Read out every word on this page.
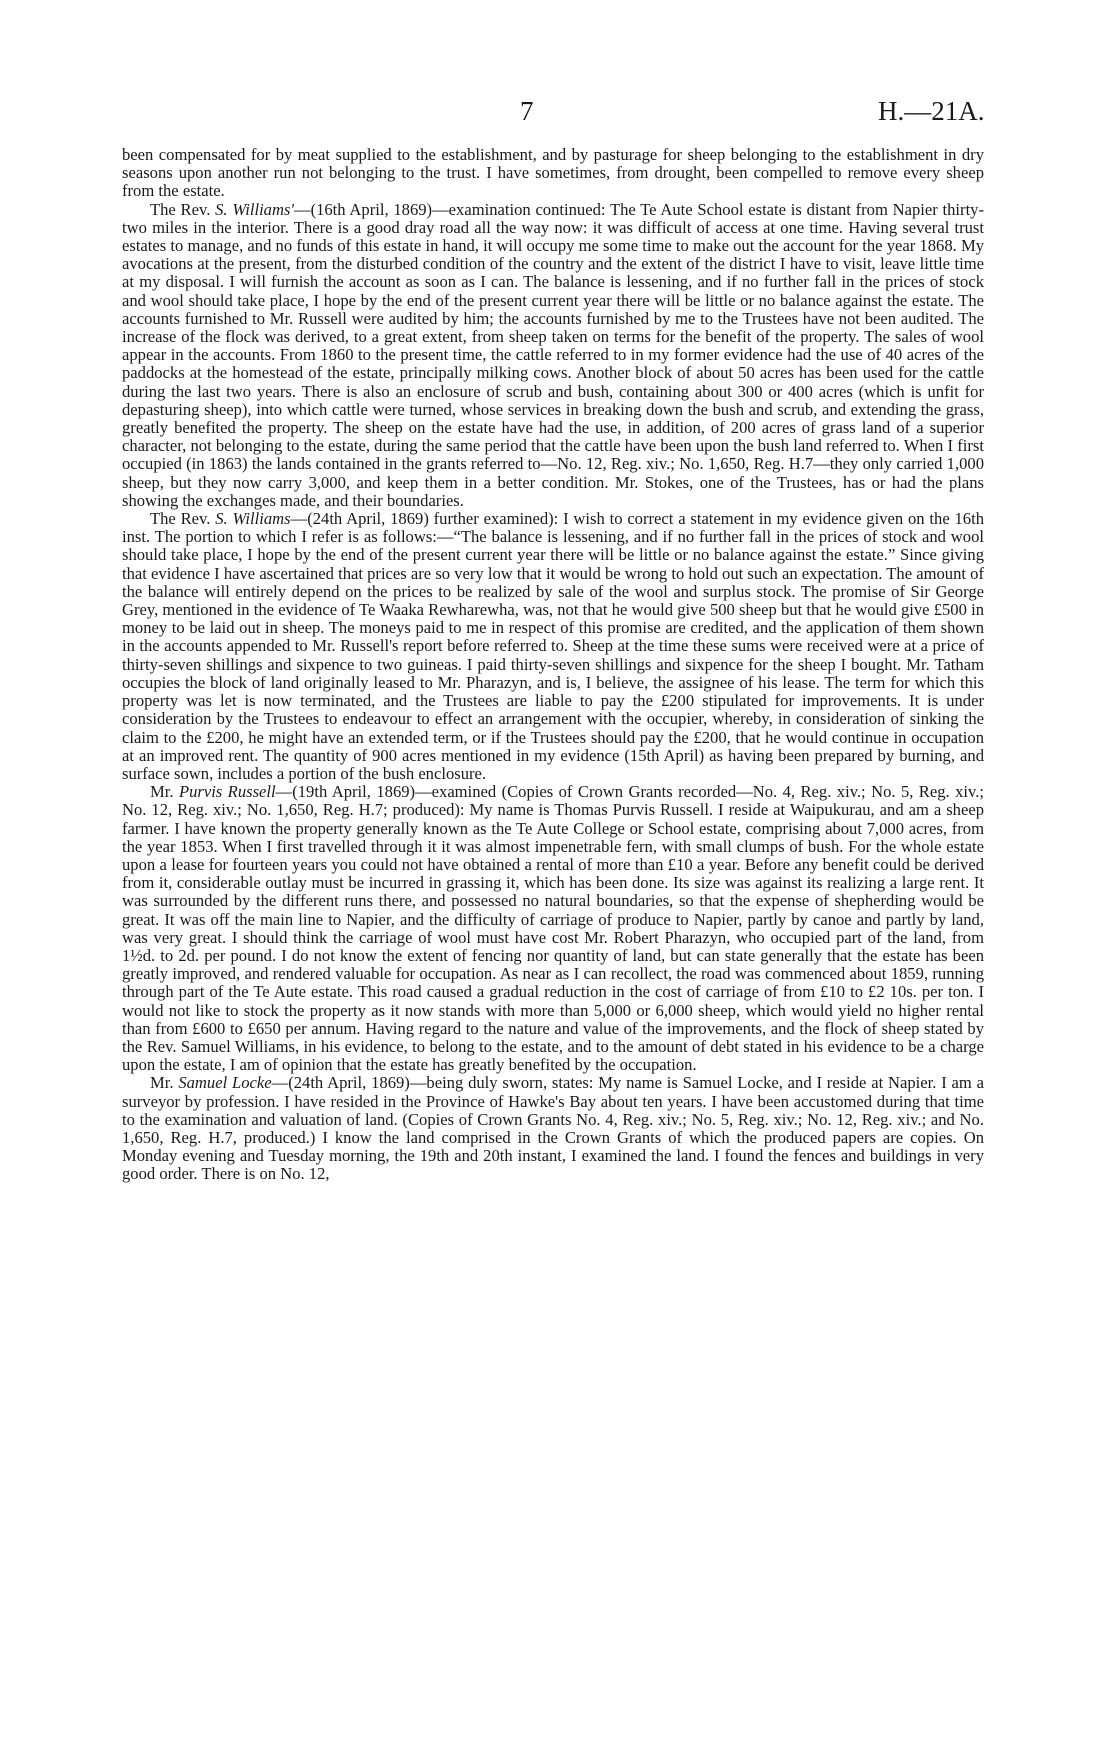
7	H.—21A.

been compensated for by meat supplied to the establishment, and by pasturage for sheep belonging to the establishment in dry seasons upon another run not belonging to the trust. I have sometimes, from drought, been compelled to remove every sheep from the estate.

The Rev. S. Williams'—(16th April, 1869)—examination continued: The Te Aute School estate is distant from Napier thirty-two miles in the interior. There is a good dray road all the way now: it was difficult of access at one time. Having several trust estates to manage, and no funds of this estate in hand, it will occupy me some time to make out the account for the year 1868. My avocations at the present, from the disturbed condition of the country and the extent of the district I have to visit, leave little time at my disposal. I will furnish the account as soon as I can. The balance is lessening, and if no further fall in the prices of stock and wool should take place, I hope by the end of the present current year there will be little or no balance against the estate. The accounts furnished to Mr. Russell were audited by him; the accounts furnished by me to the Trustees have not been audited. The increase of the flock was derived, to a great extent, from sheep taken on terms for the benefit of the property. The sales of wool appear in the accounts. From 1860 to the present time, the cattle referred to in my former evidence had the use of 40 acres of the paddocks at the homestead of the estate, principally milking cows. Another block of about 50 acres has been used for the cattle during the last two years. There is also an enclosure of scrub and bush, containing about 300 or 400 acres (which is unfit for depasturing sheep), into which cattle were turned, whose services in breaking down the bush and scrub, and extending the grass, greatly benefited the property. The sheep on the estate have had the use, in addition, of 200 acres of grass land of a superior character, not belonging to the estate, during the same period that the cattle have been upon the bush land referred to. When I first occupied (in 1863) the lands contained in the grants referred to—No. 12, Reg. xiv.; No. 1,650, Reg. H.7—they only carried 1,000 sheep, but they now carry 3,000, and keep them in a better condition. Mr. Stokes, one of the Trustees, has or had the plans showing the exchanges made, and their boundaries.

The Rev. S. Williams—(24th April, 1869) further examined): I wish to correct a statement in my evidence given on the 16th inst. The portion to which I refer is as follows:—“The balance is lessening, and if no further fall in the prices of stock and wool should take place, I hope by the end of the present current year there will be little or no balance against the estate.” Since giving that evidence I have ascertained that prices are so very low that it would be wrong to hold out such an expectation. The amount of the balance will entirely depend on the prices to be realized by sale of the wool and surplus stock. The promise of Sir George Grey, mentioned in the evidence of Te Waaka Rewharewha, was, not that he would give 500 sheep but that he would give £500 in money to be laid out in sheep. The moneys paid to me in respect of this promise are credited, and the application of them shown in the accounts appended to Mr. Russell's report before referred to. Sheep at the time these sums were received were at a price of thirty-seven shillings and sixpence to two guineas. I paid thirty-seven shillings and sixpence for the sheep I bought. Mr. Tatham occupies the block of land originally leased to Mr. Pharazyn, and is, I believe, the assignee of his lease. The term for which this property was let is now terminated, and the Trustees are liable to pay the £200 stipulated for improvements. It is under consideration by the Trustees to endeavour to effect an arrangement with the occupier, whereby, in consideration of sinking the claim to the £200, he might have an extended term, or if the Trustees should pay the £200, that he would continue in occupation at an improved rent. The quantity of 900 acres mentioned in my evidence (15th April) as having been prepared by burning, and surface sown, includes a portion of the bush enclosure.

Mr. Purvis Russell—(19th April, 1869)—examined (Copies of Crown Grants recorded—No. 4, Reg. xiv.; No. 5, Reg. xiv.; No. 12, Reg. xiv.; No. 1,650, Reg. H.7; produced): My name is Thomas Purvis Russell. I reside at Waipukurau, and am a sheep farmer. I have known the property generally known as the Te Aute College or School estate, comprising about 7,000 acres, from the year 1853. When I first travelled through it it was almost impenetrable fern, with small clumps of bush. For the whole estate upon a lease for fourteen years you could not have obtained a rental of more than £10 a year. Before any benefit could be derived from it, considerable outlay must be incurred in grassing it, which has been done. Its size was against its realizing a large rent. It was surrounded by the different runs there, and possessed no natural boundaries, so that the expense of shepherding would be great. It was off the main line to Napier, and the difficulty of carriage of produce to Napier, partly by canoe and partly by land, was very great. I should think the carriage of wool must have cost Mr. Robert Pharazyn, who occupied part of the land, from 1½d. to 2d. per pound. I do not know the extent of fencing nor quantity of land, but can state generally that the estate has been greatly improved, and rendered valuable for occupation. As near as I can recollect, the road was commenced about 1859, running through part of the Te Aute estate. This road caused a gradual reduction in the cost of carriage of from £10 to £2 10s. per ton. I would not like to stock the property as it now stands with more than 5,000 or 6,000 sheep, which would yield no higher rental than from £600 to £650 per annum. Having regard to the nature and value of the improvements, and the flock of sheep stated by the Rev. Samuel Williams, in his evidence, to belong to the estate, and to the amount of debt stated in his evidence to be a charge upon the estate, I am of opinion that the estate has greatly benefited by the occupation.

Mr. Samuel Locke—(24th April, 1869)—being duly sworn, states: My name is Samuel Locke, and I reside at Napier. I am a surveyor by profession. I have resided in the Province of Hawke's Bay about ten years. I have been accustomed during that time to the examination and valuation of land. (Copies of Crown Grants No. 4, Reg. xiv.; No. 5, Reg. xiv.; No. 12, Reg. xiv.; and No. 1,650, Reg. H.7, produced.) I know the land comprised in the Crown Grants of which the produced papers are copies. On Monday evening and Tuesday morning, the 19th and 20th instant, I examined the land. I found the fences and buildings in very good order. There is on No. 12,
